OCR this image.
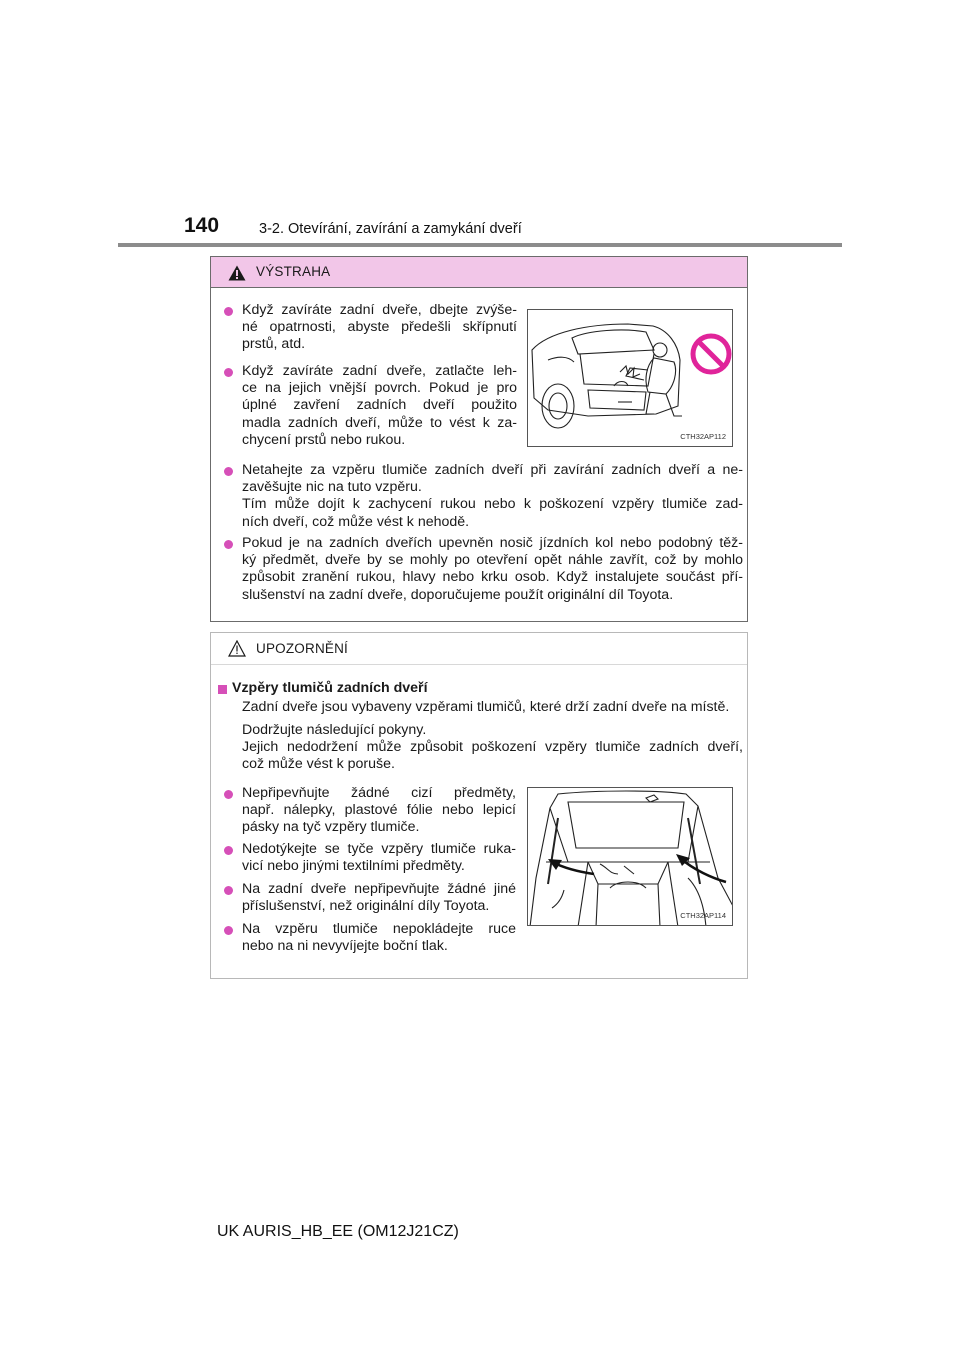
140	3-2. Otevírání, zavírání a zamykání dveří
VÝSTRAHA
Když zavíráte zadní dveře, dbejte zvýše-
né opatrnosti, abyste předešli skřípnutí
prstů, atd.
Když zavíráte zadní dveře, zatlačte leh-
ce na jejich vnější povrch. Pokud je pro
úplné zavření zadních dveří použito
madla zadních dveří, může to vést k za-
chycení prstů nebo rukou.	CTH32AP112
Netahejte za vzpěru tlumiče zadních dveří při zavírání zadních dveří a ne-
zavěšujte nic na tuto vzpěru.
Tím může dojít k zachycení rukou nebo k poškození vzpěry tlumiče zad-
ních dveří, což může vést k nehodě.
Pokud je na zadních dveřích upevněn nosič jízdních kol nebo podobný těž-
ký předmět, dveře by se mohly po otevření opět náhle zavřít, což by mohlo
způsobit zranění rukou, hlavy nebo krku osob. Když instalujete součást pří-
slušenství na zadní dveře, doporučujeme použít originální díl Toyota.
UPOZORNĚNÍ
Vzpěry tlumičů zadních dveří
Zadní dveře jsou vybaveny vzpěrami tlumičů, které drží zadní dveře na místě.
Dodržujte následující pokyny.
Jejich nedodržení může způsobit poškození vzpěry tlumiče zadních dveří,
což může vést k poruše.
Nepřipevňujte žádné cizí předměty,
např. nálepky, plastové fólie nebo lepicí
pásky na tyč vzpěry tlumiče.
Nedotýkejte se tyče vzpěry tlumiče ruka-
vicí nebo jinými textilními předměty.
Na zadní dveře nepřipevňujte žádné jiné
příslušenství, než originální díly Toyota.
Na vzpěru tlumiče nepokládejte ruce
nebo na ni nevyvíjejte boční tlak.
CTH32AP114
UK AURIS_HB_EE (OM12J21CZ)
